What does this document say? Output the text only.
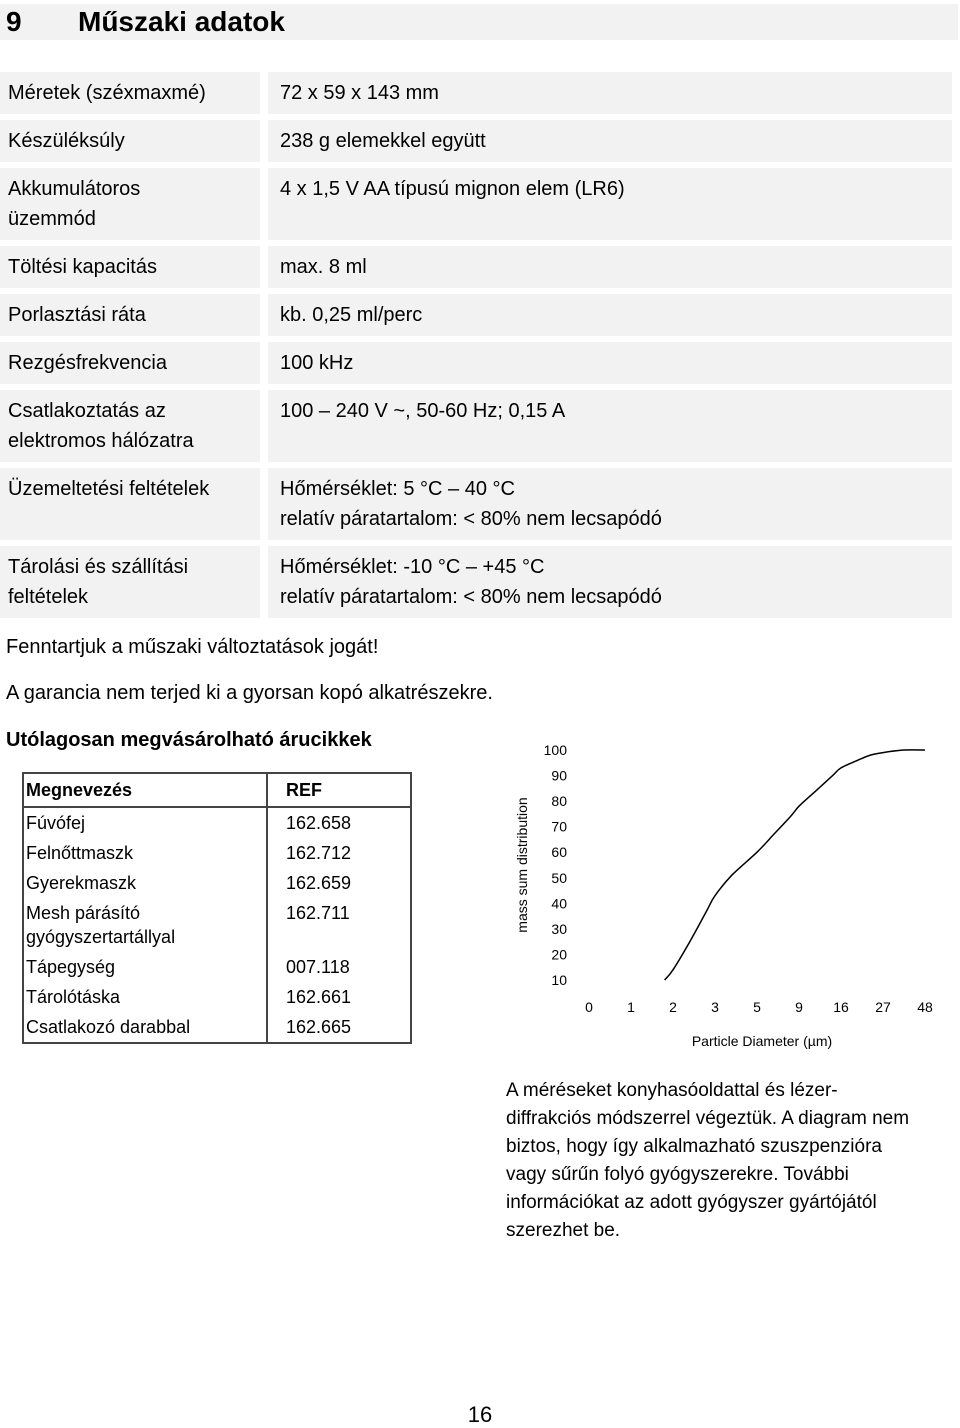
9 Műszaki adatok
Méretek (széxmaxmé)		72 x 59 x 143 mm

Készüléksúly		238 g elemekkel együtt

Akkumulátoros
üzemmód		4 x 1,5 V AA típusú mignon elem (LR6)

Töltési kapacitás		max. 8 ml

Porlasztási ráta		kb. 0,25 ml/perc

Rezgésfrekvencia		100 kHz

Csatlakoztatás az
elektromos hálózatra		100 – 240 V ~, 50-60 Hz; 0,15 A

Üzemeltetési feltételek		Hőmérséklet: 5 °C – 40 °C
relatív páratartalom: < 80% nem lecsapódó

Tárolási és szállítási
feltételek		Hőmérséklet: -10 °C – +45 °C
relatív páratartalom: < 80% nem lecsapódó
Fenntartjuk a műszaki változtatások jogát!
A garancia nem terjed ki a gyorsan kopó alkatrészekre.
Utólagosan megvásárolható árucikkek
Megnevezés	REF

Fúvófej	162.658

Felnőttmaszk	162.712

Gyerekmaszk	162.659

Mesh párásító
gyógyszertartállyal	162.711

Tápegység	007.118

Tárolótáska	162.661

Csatlakozó darabbal	162.665
10
20
30
40
50
60
70
80
90
100
0 1 2 3 5 9 16 27 48
Particle Diameter (µm)
mass sum distribution
A méréseket konyhasóoldattal és lézer-
diffrakciós módszerrel végeztük. A diagram nem
biztos, hogy így alkalmazható szuszpenzióra
vagy sűrűn folyó gyógyszerekre. További
információkat az adott gyógyszer gyártójától
szerezhet be.
16
